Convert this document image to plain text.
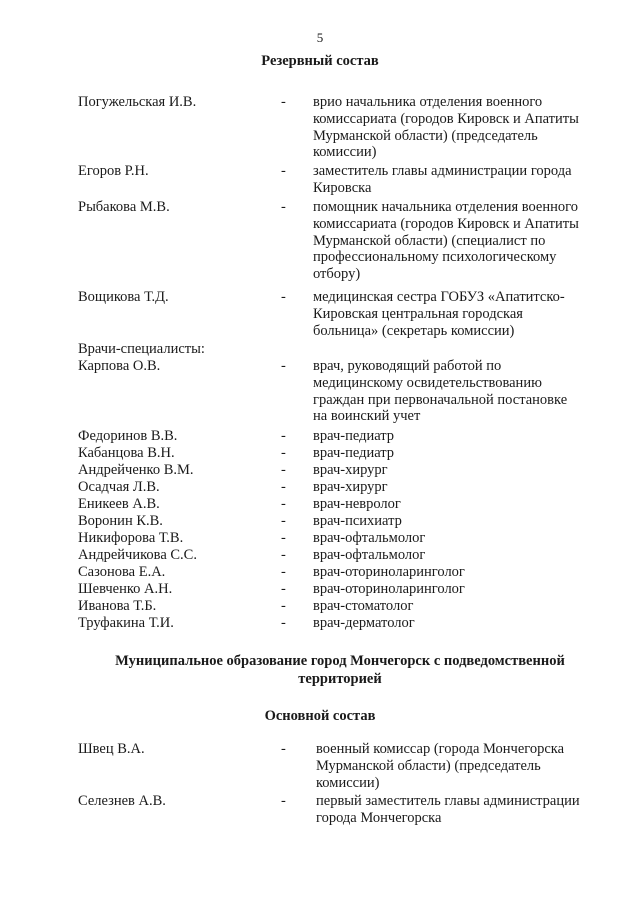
5
Резервный состав
Погужельская И.В.	- врио начальника отделения военного
комиссариата (городов Кировск и Апатиты
Мурманской области) (председатель
комиссии)
Егоров Р.Н.	- заместитель главы администрации города
Кировска
Рыбакова М.В.	- помощник начальника отделения военного
комиссариата (городов Кировск и Апатиты
Мурманской области) (специалист по
профессиональному психологическому
отбору)
Вощикова Т.Д.	- медицинская сестра ГОБУЗ «Апатитско-
Кировская центральная городская
больница» (секретарь комиссии)
Врачи-специалисты:
Карпова О.В.	- врач, руководящий работой по
медицинскому освидетельствованию
граждан при первоначальной постановке
на воинский учет
Федоринов В.В.	- врач-педиатр
Кабанцова В.Н.	- врач-педиатр
Андрейченко В.М.	- врач-хирург
Осадчая Л.В.	- врач-хирург
Еникеев А.В.	- врач-невролог
Воронин К.В.	- врач-психиатр
Никифорова Т.В.	- врач-офтальмолог
Андрейчикова С.С.	- врач-офтальмолог
Сазонова Е.А.	- врач-оториноларинголог
Шевченко А.Н.	- врач-оториноларинголог
Иванова Т.Б.	- врач-стоматолог
Труфакина Т.И.	- врач-дерматолог
Муниципальное образование город Мончегорск с подведомственной
территорией
Основной состав
Швец В.А.	- военный комиссар (города Мончегорска
Мурманской области) (председатель
комиссии)
Селезнев А.В.	- первый заместитель главы администрации
города Мончегорска
